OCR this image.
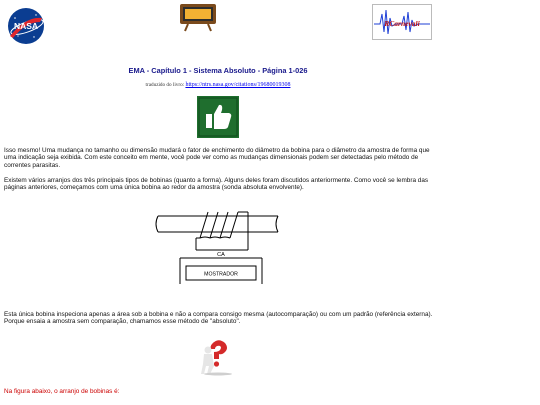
NASA	RCarnevali
EMA - Capítulo 1 - Sistema Absoluto - Página 1-026
traduzido do livro: https://ntrs.nasa.gov/citations/19680019308

Isso mesmo! Uma mudança no tamanho ou dimensão mudará o fator de enchimento do diâmetro da bobina para o diâmetro da amostra de forma que uma indicação seja exibida. Com este conceito em mente, você pode ver como as mudanças dimensionais podem ser detectadas pelo método de correntes parasitas.

Existem vários arranjos dos três principais tipos de bobinas (quanto a forma). Alguns deles foram discutidos anteriormente. Como você se lembra das páginas anteriores, começamos com uma única bobina ao redor da amostra (sonda absoluta envolvente).

CA
MOSTRADOR

Esta única bobina inspeciona apenas a área sob a bobina e não a compara consigo mesma (autocomparação) ou com um padrão (referência externa). Porque ensaia a amostra sem comparação, chamamos esse método de "absoluto".

Na figura abaixo, o arranjo de bobinas é:
